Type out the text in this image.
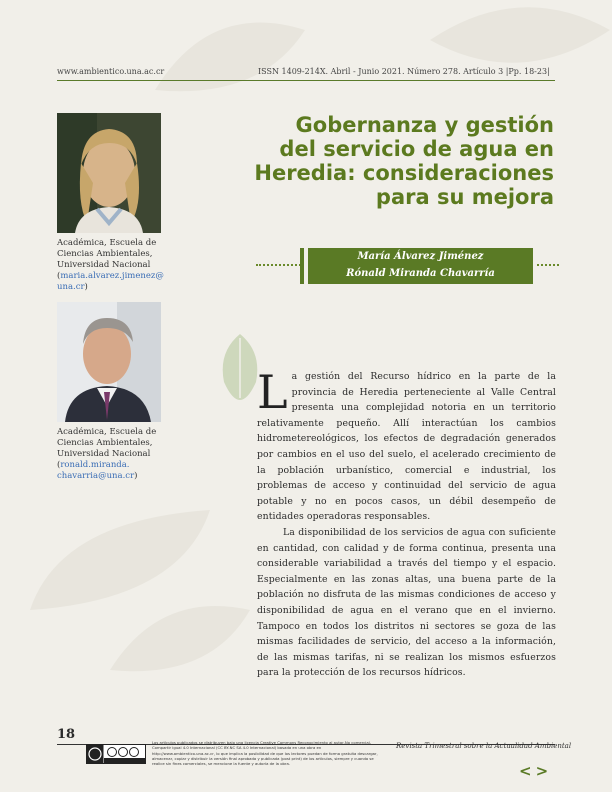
www.ambientico.una.ac.cr	ISSN 1409-214X. Abril - Junio 2021. Número 278. Artículo 3 |Pp. 18-23|
Gobernanza y gestión
del servicio de agua en
Heredia: consideraciones
para su mejora
María Álvarez Jiménez
Rónald Miranda Chavarría
Académica, Escuela de
Ciencias Ambientales,
Universidad Nacional
(maria.alvarez.jimenez@
una.cr)
Académica, Escuela de
Ciencias Ambientales,
Universidad Nacional
(ronald.miranda.
chavarria@una.cr)

La gestión del Recurso hídrico en la parte de la provincia de Heredia perteneciente al Valle Central presenta una complejidad notoria en un territorio relativamente pequeño. Allí interactúan los cambios hidrometereológicos, los efectos de degradación generados por cambios en el uso del suelo, el acelerado crecimiento de la población urbanístico, comercial e industrial, los problemas de acceso y continuidad del servicio de agua potable y no en pocos casos, un débil desempeño de entidades operadoras responsables.

La disponibilidad de los servicios de agua con suficiente en cantidad, con calidad y de forma continua, presenta una considerable variabilidad a través del tiempo y el espacio. Especialmente en las zonas altas, una buena parte de la población no disfruta de las mismas condiciones de acceso y disponibilidad de agua en el verano que en el invierno. Tampoco en todos los distritos ni sectores se goza de las mismas facilidades de servicio, del acceso a la información, de las mismas tarifas, ni se realizan los mismos esfuerzos para la protección de los recursos hídricos.

18
Los artículos publicados se distribuyen bajo una licencia Creative Commons Reconocimiento al autor-No comercial-Compartir igual 4.0 Internacional (CC BY-NC SA 4.0 Internacional) basada en una obra en http://www.ambientico.una.ac.cr, lo que implica la posibilidad de que los lectores puedan de forma gratuita descargar, almacenar, copiar y distribuir la versión final aprobada y publicada (post print) de los artículos, siempre y cuando se realice sin fines comerciales, se mencione la fuente y autoría de la obra.
Revista Trimestral sobre la Actualidad Ambiental
<>
